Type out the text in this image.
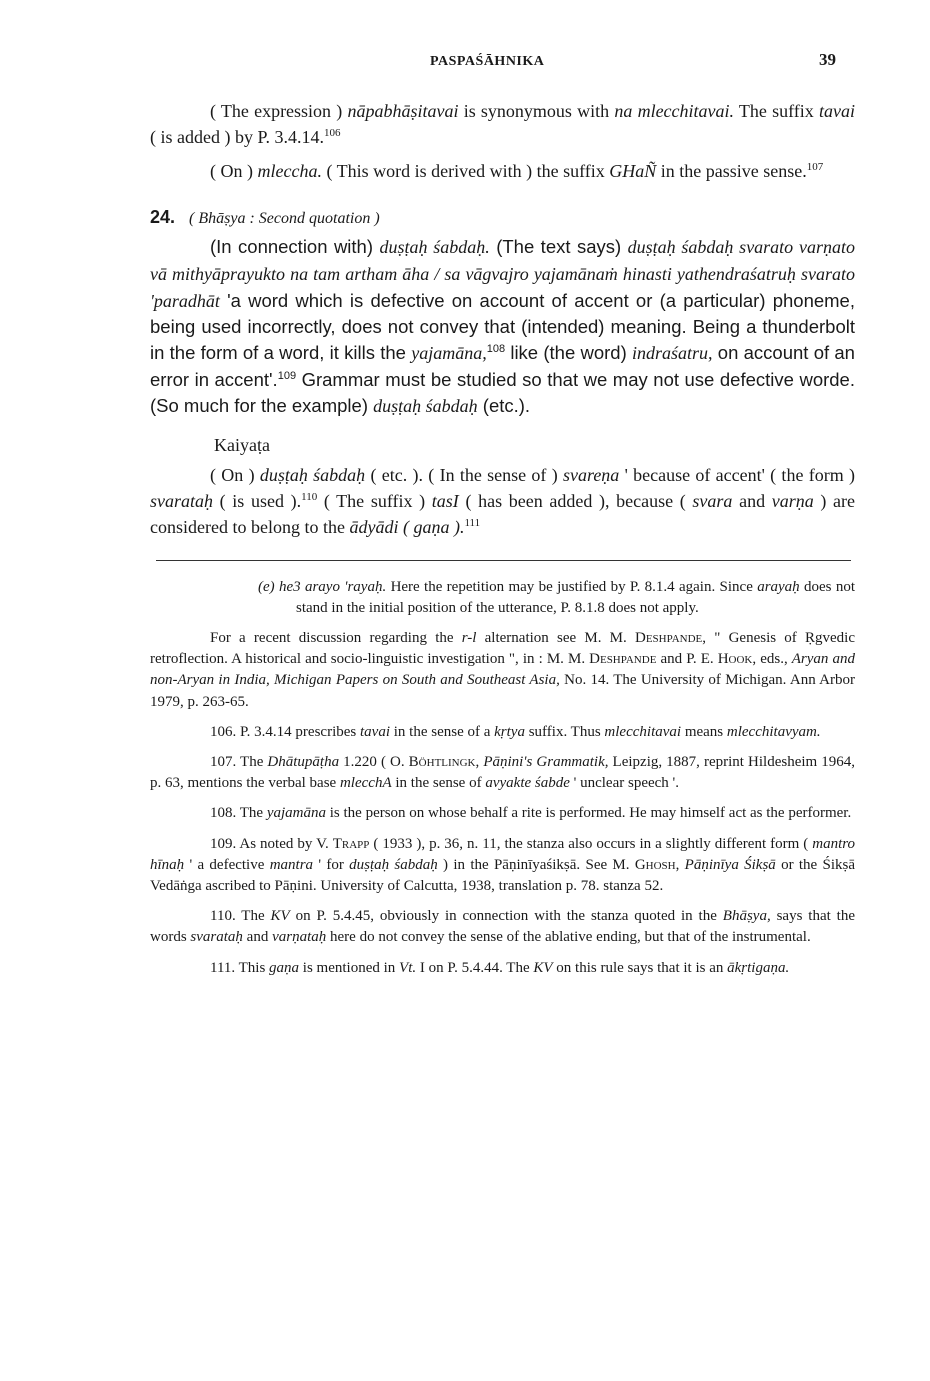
PASPAŚĀHNIKA	39

( The expression ) nāpabhāṣitavai is synonymous with na mlecchitavai. The suffix tavai ( is added ) by P. 3.4.14.$^{106}$

( On ) mleccha. ( This word is derived with ) the suffix GHaÑ in the passive sense.$^{107}$

24. ( Bhāṣya : Second quotation )

(In connection with) duṣṭaḥ śabdaḥ. (The text says) duṣṭaḥ śabdaḥ svarato varṇato vā mithyāprayukto na tam artham āha / sa vāgvajro yajamānaṁ hinasti yathendraśatruḥ svarato 'paradhāt 'a word which is defective on account of accent or (a particular) phoneme, being used incorrectly, does not convey that (intended) meaning. Being a thunderbolt in the form of a word, it kills the yajamāna,$^{108}$ like (the word) indraśatru, on account of an error in accent'.$^{109}$ Grammar must be studied so that we may not use defective worde. (So much for the example) duṣṭaḥ śabdaḥ (etc.).

Kaiyaṭa

( On ) duṣṭaḥ śabdaḥ ( etc. ). ( In the sense of ) svareṇa ' because of accent' ( the form ) svarataḥ ( is used ).$^{110}$ ( The suffix ) tasI ( has been added ), because ( svara and varṇa ) are considered to belong to the ādyādi ( gaṇa ).$^{111}$

(e) he3 arayo 'rayaḥ. Here the repetition may be justified by P. 8.1.4 again. Since arayaḥ does not stand in the initial position of the utterance, P. 8.1.8 does not apply.

For a recent discussion regarding the r-l alternation see M. M. Deshpande, " Genesis of Ṛgvedic retroflection. A historical and socio-linguistic investigation ", in : M. M. Deshpande and P. E. Hook, eds., Aryan and non-Aryan in India, Michigan Papers on South and Southeast Asia, No. 14. The University of Michigan. Ann Arbor 1979, p. 263-65.

106. P. 3.4.14 prescribes tavai in the sense of a kṛtya suffix. Thus mlecchitavai means mlecchitavyam.

107. The Dhātupāṭha 1.220 ( O. Böhtlingk, Pāṇini's Grammatik, Leipzig, 1887, reprint Hildesheim 1964, p. 63, mentions the verbal base mlecchA in the sense of avyakte śabde ' unclear speech '.

108. The yajamāna is the person on whose behalf a rite is performed. He may himself act as the performer.

109. As noted by V. Trapp ( 1933 ), p. 36, n. 11, the stanza also occurs in a slightly different form ( mantro hīnaḥ ' a defective mantra ' for duṣṭaḥ śabdaḥ ) in the Pāṇinīyaśikṣā. See M. Ghosh, Pāṇinīya Śikṣā or the Śikṣā Vedāṅga ascribed to Pāṇini. University of Calcutta, 1938, translation p. 78. stanza 52.

110. The KV on P. 5.4.45, obviously in connection with the stanza quoted in the Bhāṣya, says that the words svarataḥ and varṇataḥ here do not convey the sense of the ablative ending, but that of the instrumental.

111. This gaṇa is mentioned in Vt. I on P. 5.4.44. The KV on this rule says that it is an ākṛtigaṇa.
